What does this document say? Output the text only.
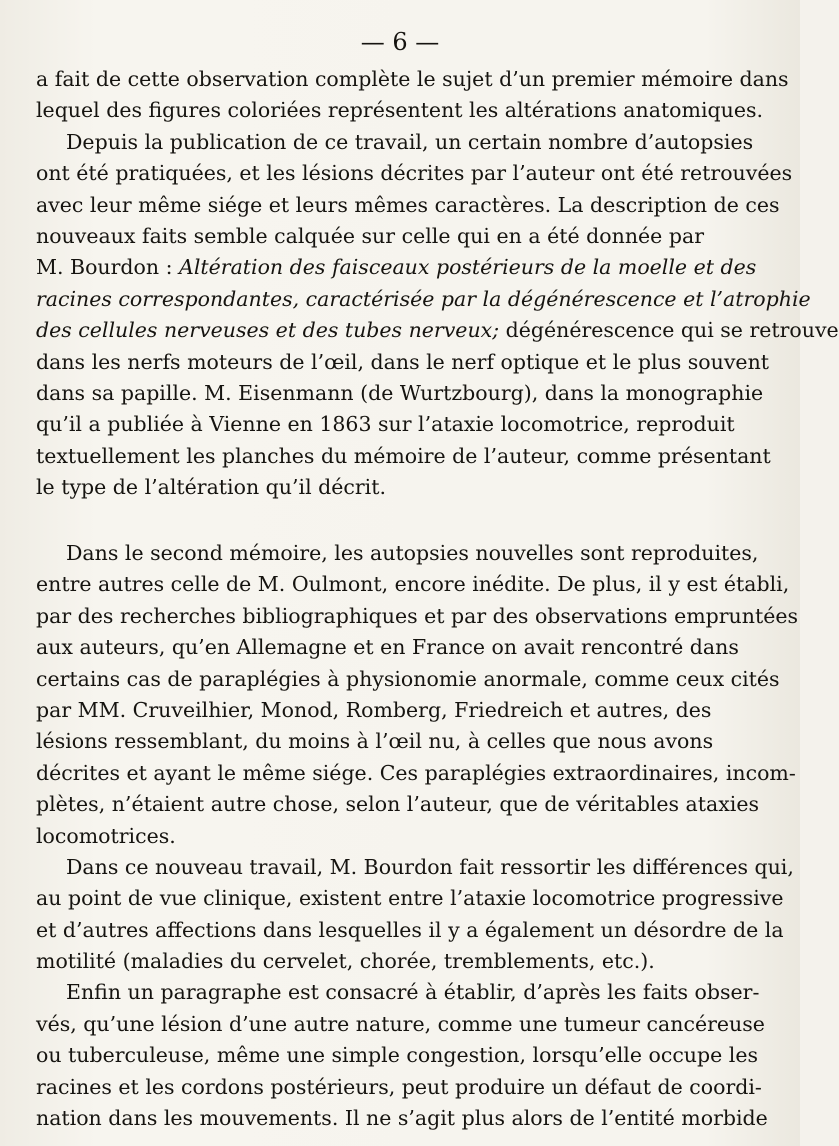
— 6 —
a fait de cette observation complète le sujet d’un premier mémoire dans
lequel des figures coloriées représentent les altérations anatomiques.
Depuis la publication de ce travail, un certain nombre d’autopsies
ont été pratiquées, et les lésions décrites par l’auteur ont été retrouvées
avec leur même siége et leurs mêmes caractères. La description de ces
nouveaux faits semble calquée sur celle qui en a été donnée par
M. Bourdon : Altération des faisceaux postérieurs de la moelle et des
racines correspondantes, caractérisée par la dégénérescence et l’atrophie
des cellules nerveuses et des tubes nerveux; dégénérescence qui se retrouve
dans les nerfs moteurs de l’œil, dans le nerf optique et le plus souvent
dans sa papille. M. Eisenmann (de Wurtzbourg), dans la monographie
qu’il a publiée à Vienne en 1863 sur l’ataxie locomotrice, reproduit
textuellement les planches du mémoire de l’auteur, comme présentant
le type de l’altération qu’il décrit.
Dans le second mémoire, les autopsies nouvelles sont reproduites,
entre autres celle de M. Oulmont, encore inédite. De plus, il y est établi,
par des recherches bibliographiques et par des observations empruntées
aux auteurs, qu’en Allemagne et en France on avait rencontré dans
certains cas de paraplégies à physionomie anormale, comme ceux cités
par MM. Cruveilhier, Monod, Romberg, Friedreich et autres, des
lésions ressemblant, du moins à l’œil nu, à celles que nous avons
décrites et ayant le même siége. Ces paraplégies extraordinaires, incom-
plètes, n’étaient autre chose, selon l’auteur, que de véritables ataxies
locomotrices.
Dans ce nouveau travail, M. Bourdon fait ressortir les différences qui,
au point de vue clinique, existent entre l’ataxie locomotrice progressive
et d’autres affections dans lesquelles il y a également un désordre de la
motilité (maladies du cervelet, chorée, tremblements, etc.).
Enfin un paragraphe est consacré à établir, d’après les faits obser-
vés, qu’une lésion d’une autre nature, comme une tumeur cancéreuse
ou tuberculeuse, même une simple congestion, lorsqu’elle occupe les
racines et les cordons postérieurs, peut produire un défaut de coordi-
nation dans les mouvements. Il ne s’agit plus alors de l’entité morbide
